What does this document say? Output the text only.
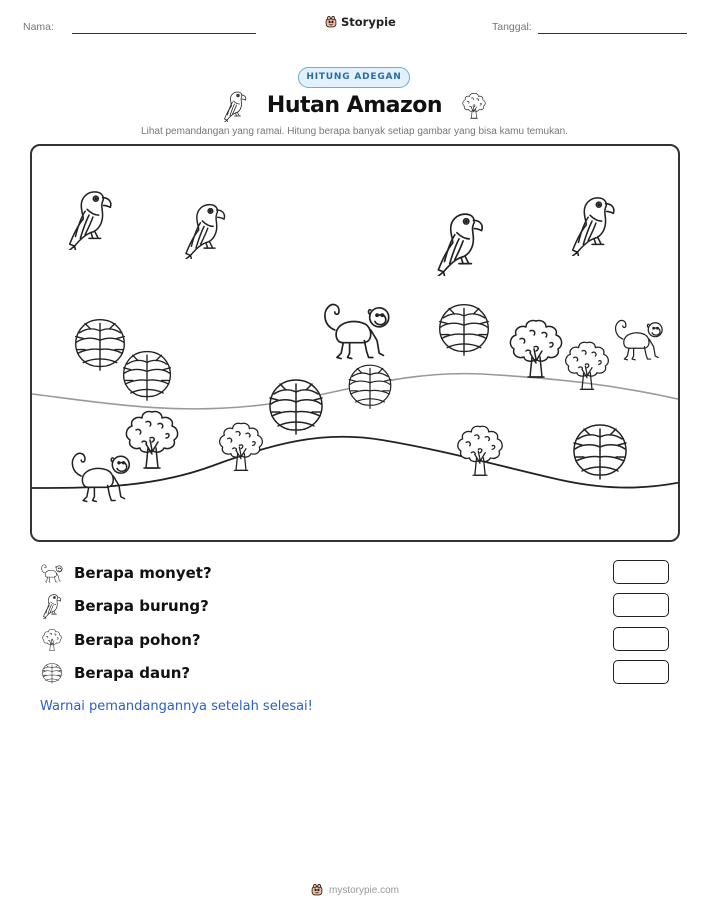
Nama:	Storypie	Tanggal:
HITUNG ADEGAN
Hutan Amazon
Lihat pemandangan yang ramai. Hitung berapa banyak setiap gambar yang bisa kamu temukan.
Berapa monyet?
Berapa burung?
Berapa pohon?
Berapa daun?
Warnai pemandangannya setelah selesai!
mystorypie.com
